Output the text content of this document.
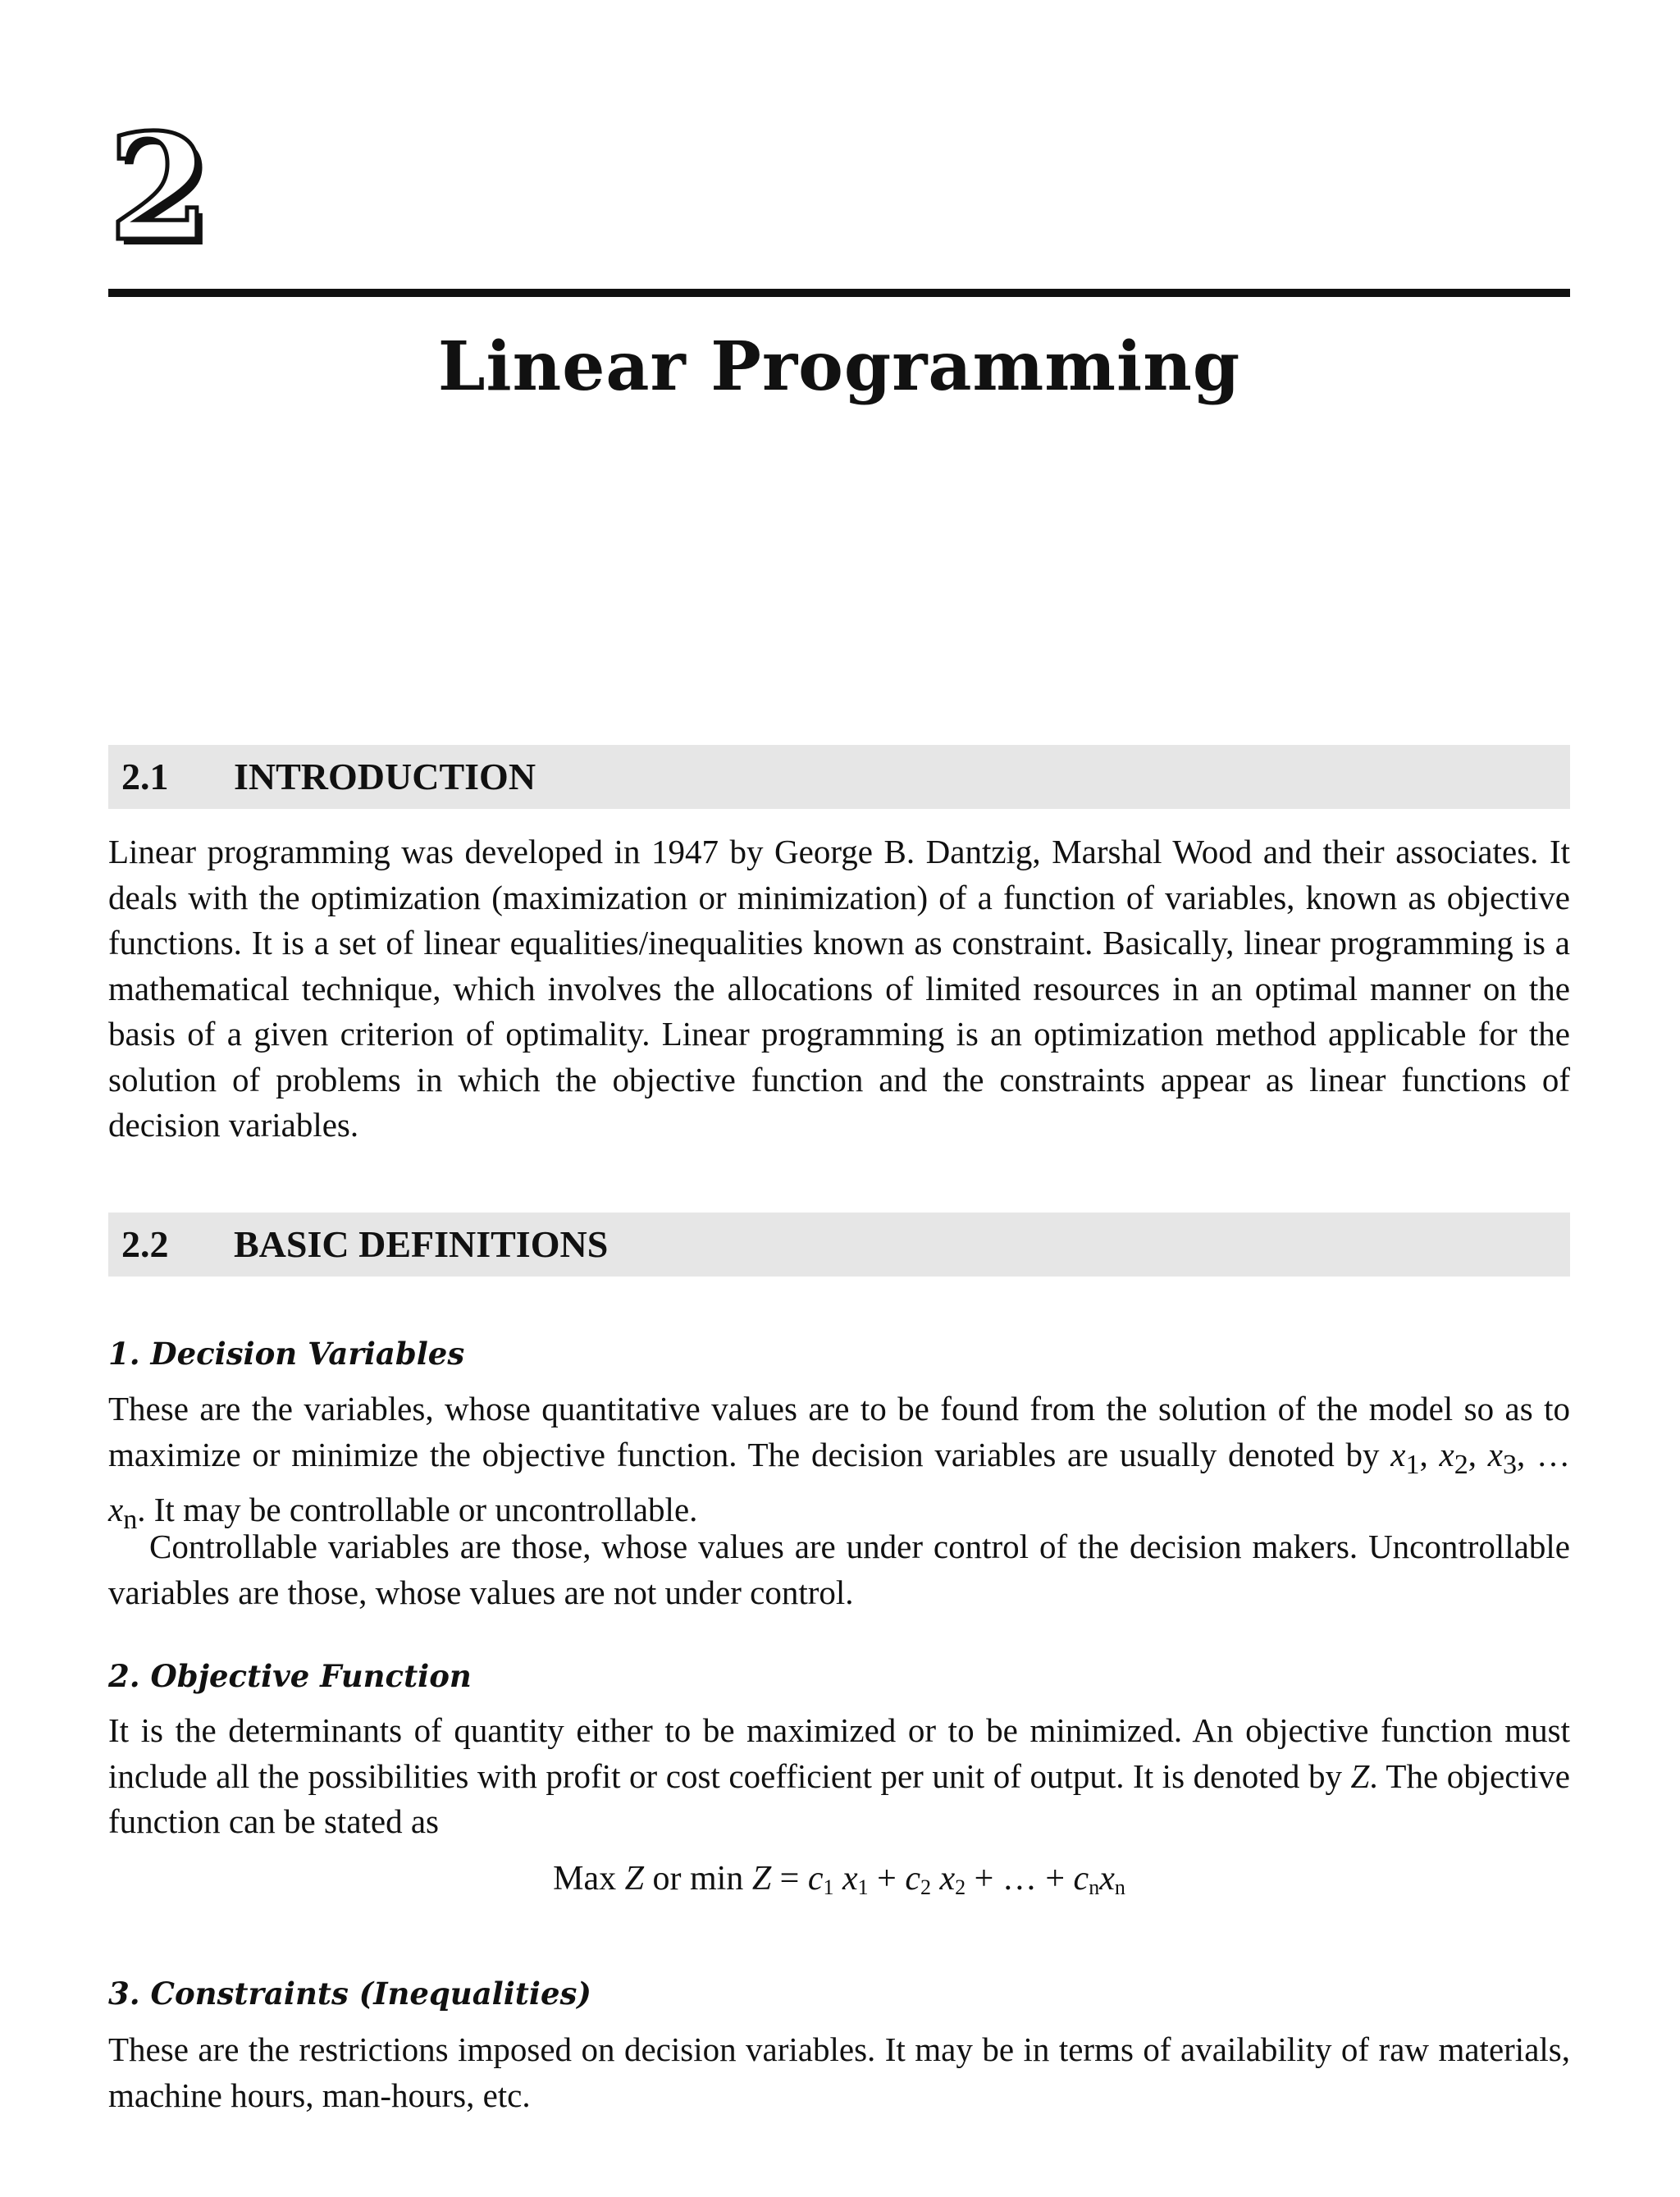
2
Linear Programming
2.1	INTRODUCTION

Linear programming was developed in 1947 by George B. Dantzig, Marshal Wood and their associates. It deals with the optimization (maximization or minimization) of a function of variables, known as objective functions. It is a set of linear equalities/inequalities known as constraint. Basically, linear programming is a mathematical technique, which involves the allocations of limited resources in an optimal manner on the basis of a given criterion of optimality. Linear programming is an optimization method applicable for the solution of problems in which the objective function and the constraints appear as linear functions of decision variables.

2.2	BASIC DEFINITIONS
1. Decision Variables

These are the variables, whose quantitative values are to be found from the solution of the model so as to maximize or minimize the objective function. The decision variables are usually denoted by $x_1$, $x_2$, $x_3$, … $x_n$. It may be controllable or uncontrollable.

Controllable variables are those, whose values are under control of the decision makers. Uncontrollable variables are those, whose values are not under control.

2. Objective Function

It is the determinants of quantity either to be maximized or to be minimized. An objective function must include all the possibilities with profit or cost coefficient per unit of output. It is denoted by Z. The objective function can be stated as

Max Z or $\min Z = c_1$ $x_1 + c_2$ $x_2$ + … + $c_nx_n$
3. Constraints (Inequalities)

These are the restrictions imposed on decision variables. It may be in terms of availability of raw materials, machine hours, man-hours, etc.
